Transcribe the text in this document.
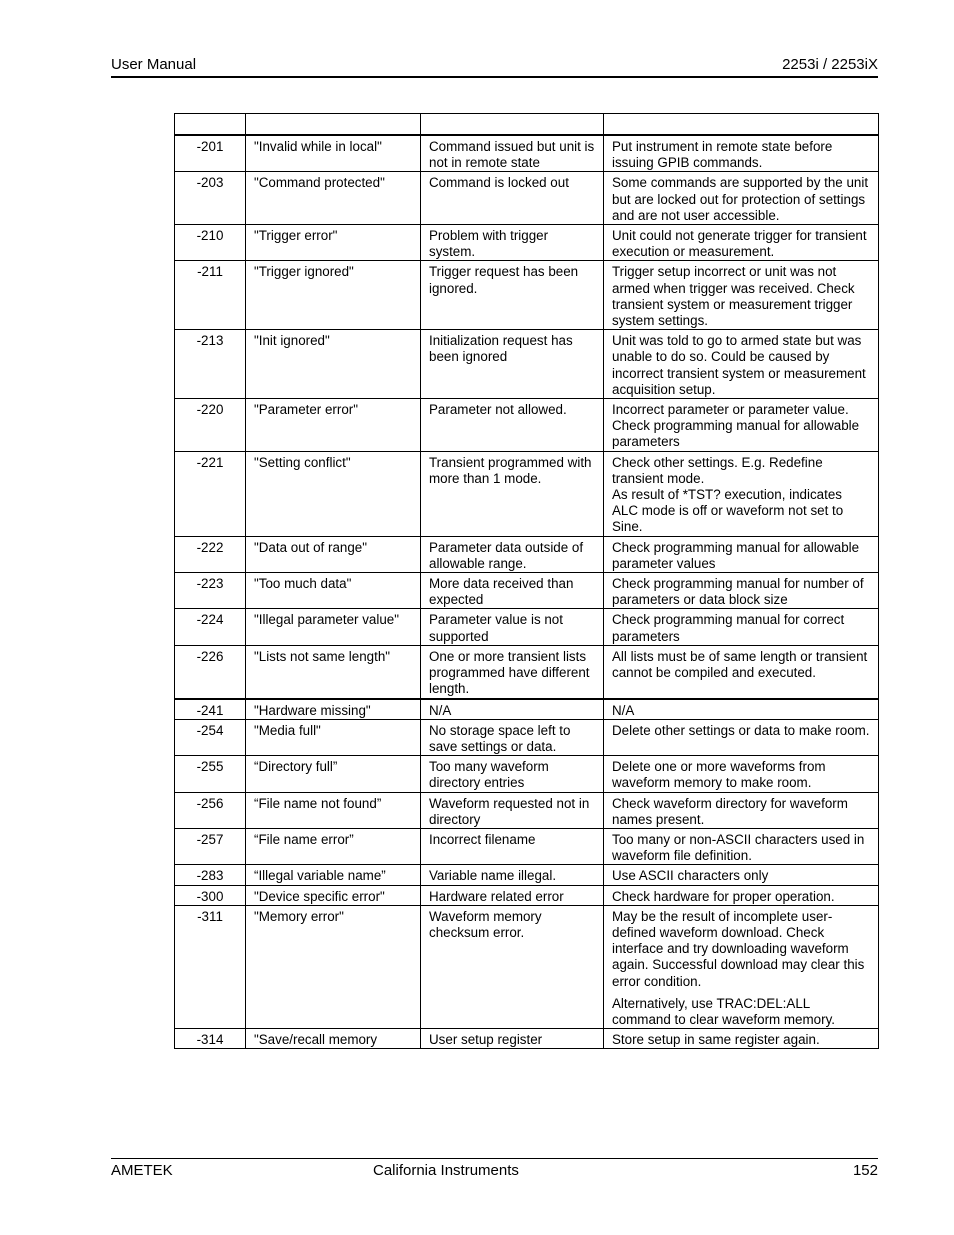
User Manual	2253i / 2253iX

-201	"Invalid while in local"	Command issued but unit is not in remote state	Put instrument in remote state before issuing GPIB commands.
-203	"Command protected"	Command is locked out	Some commands are supported by the unit but are locked out for protection of settings and are not user accessible.
-210	"Trigger error"	Problem with trigger system.	Unit could not generate trigger for transient execution or measurement.
-211	"Trigger ignored"	Trigger request has been ignored.	Trigger setup incorrect or unit was not armed when trigger was received. Check transient system or measurement trigger system settings.
-213	"Init ignored"	Initialization request has been ignored	Unit was told to go to armed state but was unable to do so. Could be caused by incorrect transient system or measurement acquisition setup.
-220	"Parameter error"	Parameter not allowed.	Incorrect parameter or parameter value. Check programming manual for allowable parameters
-221	"Setting conflict"	Transient programmed with more than 1 mode.	Check other settings. E.g. Redefine transient mode.
As result of *TST? execution, indicates ALC mode is off or waveform not set to Sine.
-222	"Data out of range"	Parameter data outside of allowable range.	Check programming manual for allowable parameter values
-223	"Too much data"	More data received than expected	Check programming manual for number of parameters or data block size
-224	"Illegal parameter value"	Parameter value is not supported	Check programming manual for correct parameters
-226	"Lists not same length"	One or more transient lists programmed have different length.	All lists must be of same length or transient cannot be compiled and executed.
-241	"Hardware missing"	N/A	N/A
-254	"Media full"	No storage space left to save settings or data.	Delete other settings or data to make room.
-255	“Directory full”	Too many waveform directory entries	Delete one or more waveforms from waveform memory to make room.
-256	“File name not found”	Waveform requested not in directory	Check waveform directory for waveform names present.
-257	“File name error”	Incorrect filename	Too many or non-ASCII characters used in waveform file definition.
-283	“Illegal variable name”	Variable name illegal.	Use ASCII characters only
-300	"Device specific error"	Hardware related error	Check hardware for proper operation.
-311	"Memory error"	Waveform memory checksum error.	May be the result of incomplete user-defined waveform download. Check interface and try downloading waveform again. Successful download may clear this error condition.
Alternatively, use TRAC:DEL:ALL command to clear waveform memory.

-314	"Save/recall memory	User setup register	Store setup in same register again.
AMETEK	California Instruments	152
